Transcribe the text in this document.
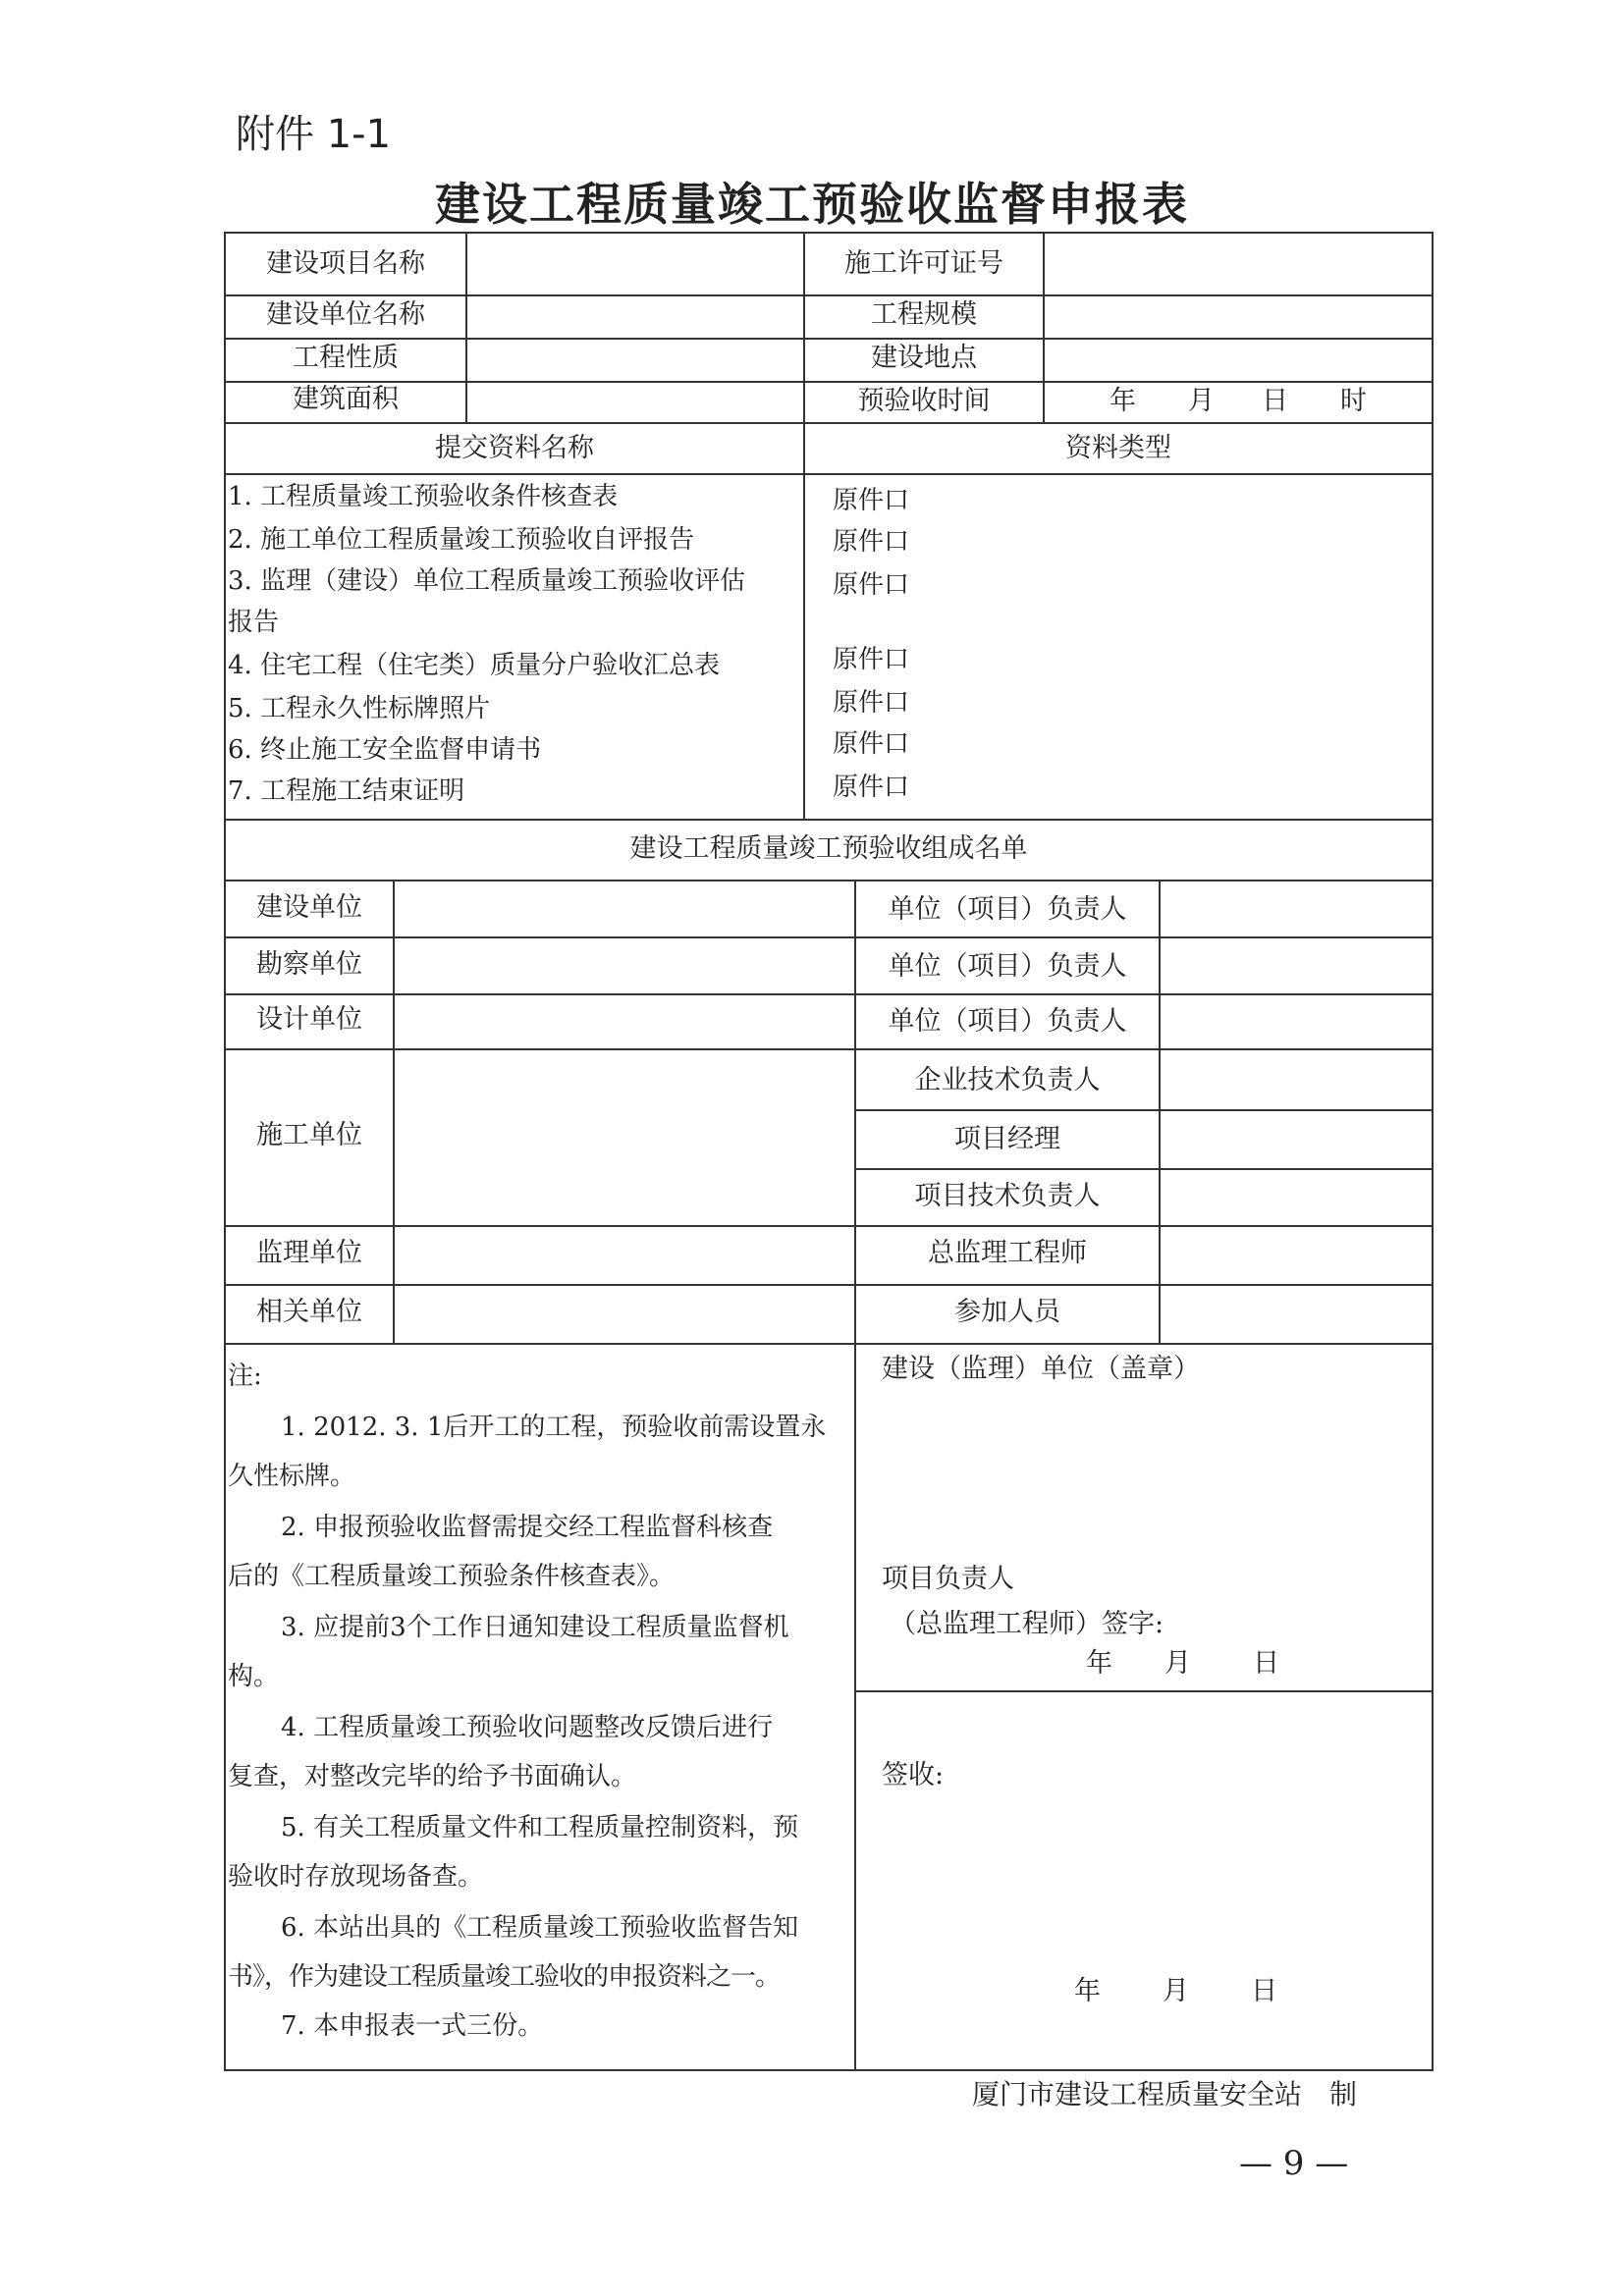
附件 1-1
建设工程质量竣工预验收监督申报表
建设项目名称
建设单位名称
工程性质
建筑面积
施工许可证号
工程规模
建设地点
预验收时间	年 月 日 时
提交资料名称	资料类型
1. 工程质量竣工预验收条件核查表
2. 施工单位工程质量竣工预验收自评报告
3. 监理（建设）单位工程质量竣工预验收评估
报告
4. 住宅工程（住宅类）质量分户验收汇总表
5. 工程永久性标牌照片
6. 终止施工安全监督申请书
7. 工程施工结束证明
原件口
原件口
原件口
原件口
原件口
原件口
原件口
建设工程质量竣工预验收组成名单
建设单位
勘察单位
设计单位
施工单位
监理单位
相关单位
单位（项目）负责人
单位（项目）负责人
单位（项目）负责人
企业技术负责人
项目经理
项目技术负责人
总监理工程师
参加人员
注:
1. 2012. 3. 1后开工的工程，预验收前需设置永
久性标牌。
2. 申报预验收监督需提交经工程监督科核查
后的《工程质量竣工预验条件核查表》。
3. 应提前3个工作日通知建设工程质量监督机
构。
4. 工程质量竣工预验收问题整改反馈后进行
复查，对整改完毕的给予书面确认。
5. 有关工程质量文件和工程质量控制资料，预
验收时存放现场备查。
6. 本站出具的《工程质量竣工预验收监督告知
书》，作为建设工程质量竣工验收的申报资料之一。
7. 本申报表一式三份。
建设（监理）单位（盖章）
项目负责人
（总监理工程师）签字:
年 月 日
签收:
年 月 日
厦门市建设工程质量安全站　制
— 9 —
